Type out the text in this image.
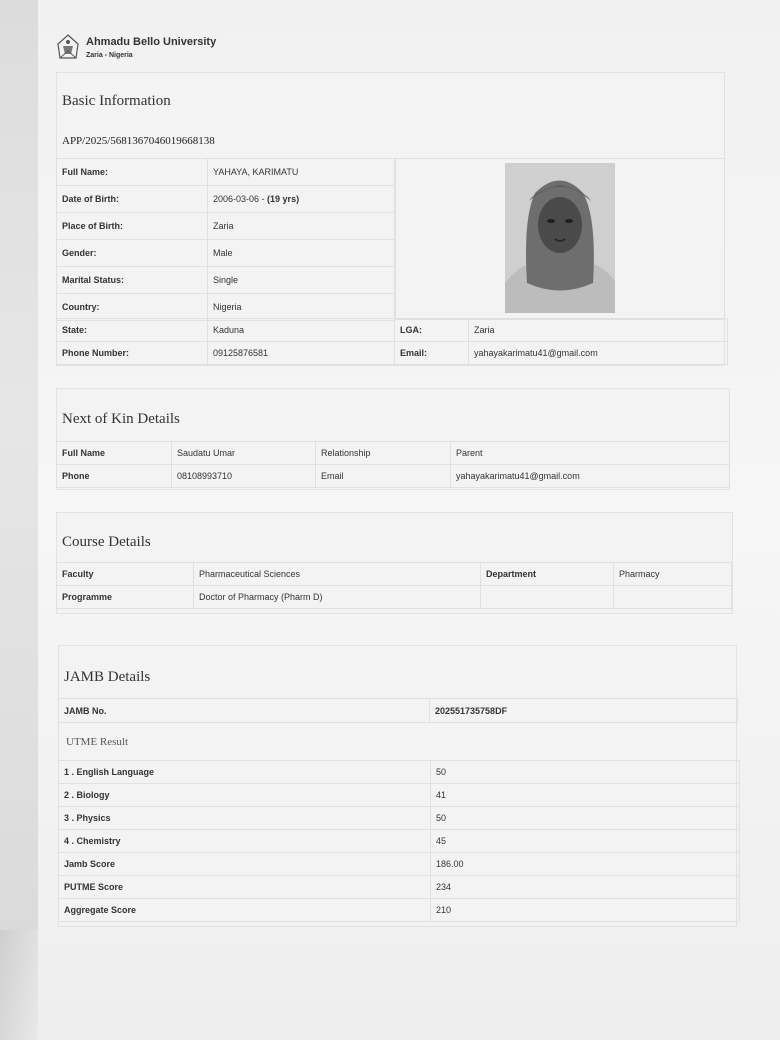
Ahmadu Bello University
Zaria - Nigeria
Basic Information
APP/2025/5681367046019668138
Full Name:	YAHAYA, KARIMATU
Date of Birth:	2006-03-06 - (19 yrs)
Place of Birth:	Zaria
Gender:	Male
Marital Status:	Single
Country:	Nigeria
State:	Kaduna	LGA:	Zaria
Phone Number:	09125876581	Email:	yahayakarimatu41@gmail.com
Next of Kin Details
Full Name	Saudatu Umar	Relationship	Parent
Phone	08108993710	Email	yahayakarimatu41@gmail.com
Course Details
Faculty	Pharmaceutical Sciences	Department	Pharmacy
Programme	Doctor of Pharmacy (Pharm D)		
JAMB Details
JAMB No.	202551735758DF
UTME Result
1 . English Language	50
2 . Biology	41
3 . Physics	50
4 . Chemistry	45
Jamb Score	186.00
PUTME Score	234
Aggregate Score	210
